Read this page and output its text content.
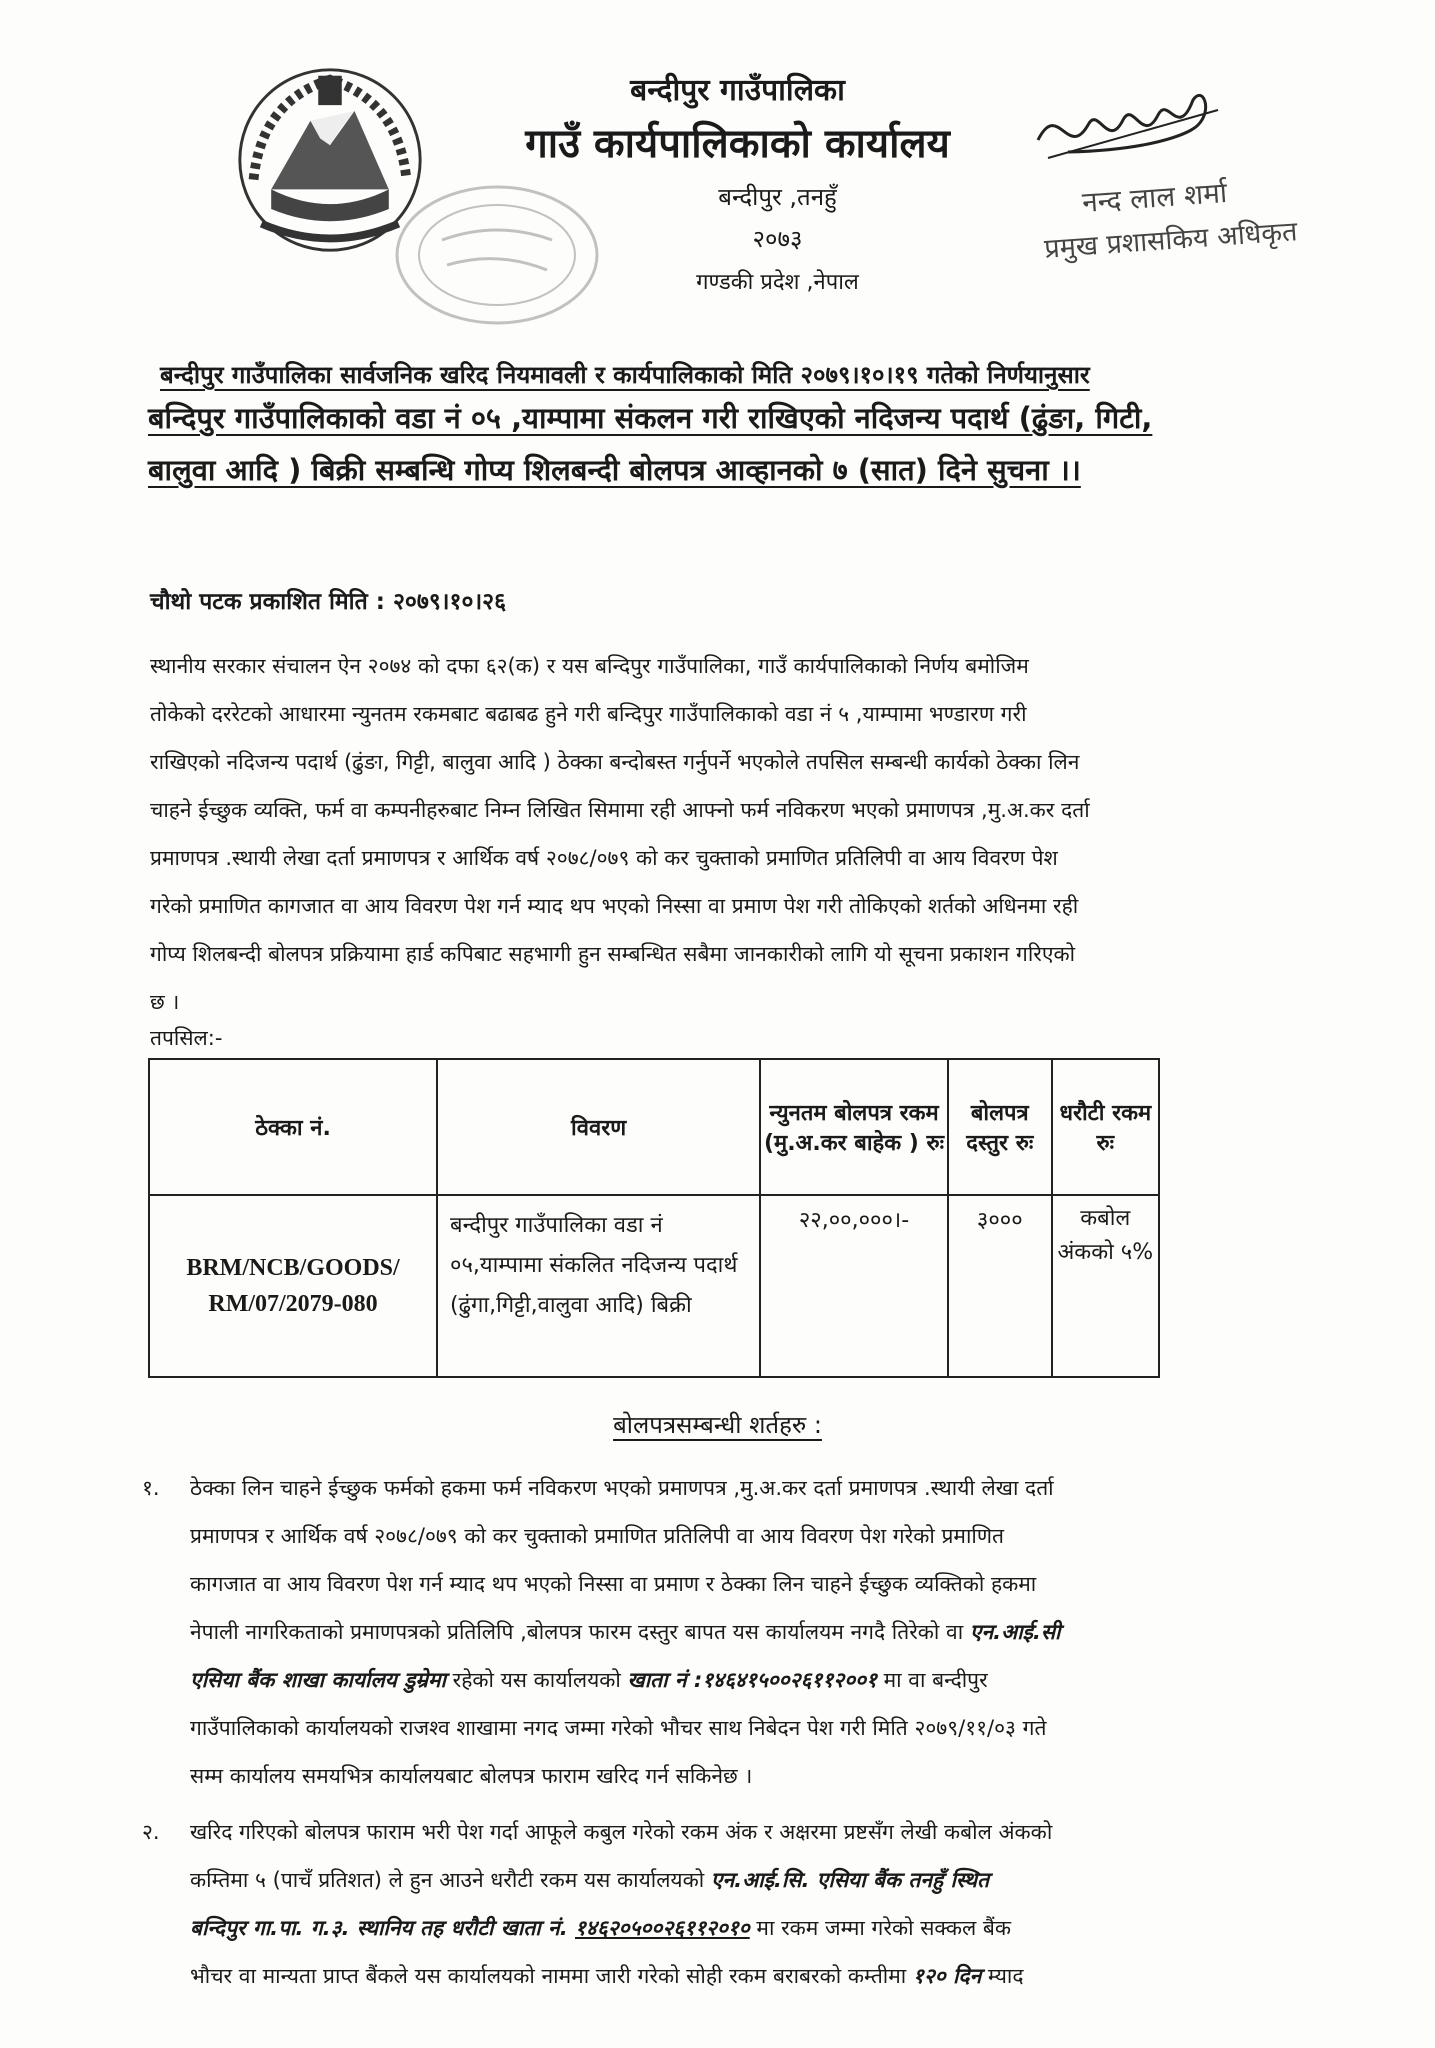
बन्दीपुर गाउँपालिका
गाउँ कार्यपालिकाको कार्यालय
बन्दीपुर ,तनहुँ
२०७३
गण्डकी प्रदेश ,नेपाल
नन्द लाल शर्मा
प्रमुख प्रशासकिय अधिकृत
बन्दीपुर गाउँपालिका सार्वजनिक खरिद नियमावली र कार्यपालिकाको मिति २०७९।१०।१९ गतेको निर्णयानुसार
बन्दिपुर गाउँपालिकाको वडा नं ०५ ,याम्पामा संकलन गरी राखिएको नदिजन्य पदार्थ (ढुंङा, गिटी,
बालुवा आदि ) बिक्री सम्बन्धि गोप्य शिलबन्दी बोलपत्र आव्हानको ७ (सात) दिने सुचना ।।
चौथो पटक प्रकाशित मिति : २०७९।१०।२६
स्थानीय सरकार संचालन ऐन २०७४ को दफा ६२(क) र यस बन्दिपुर गाउँपालिका, गाउँ कार्यपालिकाको निर्णय बमोजिम
तोकेको दररेटको आधारमा न्युनतम रकमबाट बढाबढ हुने गरी बन्दिपुर गाउँपालिकाको वडा नं ५ ,याम्पामा भण्डारण गरी
राखिएको नदिजन्य पदार्थ (ढुंङा, गिट्टी, बालुवा आदि ) ठेक्का बन्दोबस्त गर्नुपर्ने भएकोले तपसिल सम्बन्धी कार्यको ठेक्का लिन
चाहने ईच्छुक व्यक्ति, फर्म वा कम्पनीहरुबाट निम्न लिखित सिमामा रही आफ्नो फर्म नविकरण भएको प्रमाणपत्र ,मु.अ.कर दर्ता
प्रमाणपत्र .स्थायी लेखा दर्ता प्रमाणपत्र र आर्थिक वर्ष २०७८/०७९ को कर चुक्ताको प्रमाणित प्रतिलिपी वा आय विवरण पेश
गरेको प्रमाणित कागजात वा आय विवरण पेश गर्न म्याद थप भएको निस्सा वा प्रमाण पेश गरी तोकिएको शर्तको अधिनमा रही
गोप्य शिलबन्दी बोलपत्र प्रक्रियामा हार्ड कपिबाट सहभागी हुन सम्बन्धित सबैमा जानकारीको लागि यो सूचना प्रकाशन गरिएको
छ ।
तपसिल:-
ठेक्का नं.	विवरण	न्युनतम बोलपत्र रकम (मु.अ.कर बाहेक ) रुः	बोलपत्र दस्तुर रुः	धरौटी रकम रुः
BRM/NCB/GOODS/ RM/07/2079-080	बन्दीपुर गाउँपालिका वडा नं ०५,याम्पामा संकलित नदिजन्य पदार्थ (ढुंगा,गिट्टी,वालुवा आदि) बिक्री	२२,००,०००।-	३०००	कबोल अंकको ५%
बोलपत्रसम्बन्धी शर्तहरु :
१. ठेक्का लिन चाहने ईच्छुक फर्मको हकमा फर्म नविकरण भएको प्रमाणपत्र ,मु.अ.कर दर्ता प्रमाणपत्र .स्थायी लेखा दर्ता
प्रमाणपत्र र आर्थिक वर्ष २०७८/०७९ को कर चुक्ताको प्रमाणित प्रतिलिपी वा आय विवरण पेश गरेको प्रमाणित
कागजात वा आय विवरण पेश गर्न म्याद थप भएको निस्सा वा प्रमाण र ठेक्का लिन चाहने ईच्छुक व्यक्तिको हकमा
नेपाली नागरिकताको प्रमाणपत्रको प्रतिलिपि ,बोलपत्र फारम दस्तुर बापत यस कार्यालयम नगदै तिरेको वा एन.आई.सी
एसिया बैंक शाखा कार्यालय डुम्रेमा रहेको यस कार्यालयको खाता नं :१४६४१५००२६११२००१ मा वा बन्दीपुर
गाउँपालिकाको कार्यालयको राजश्व शाखामा नगद जम्मा गरेको भौचर साथ निबेदन पेश गरी मिति २०७९/११/०३ गते
सम्म कार्यालय समयभित्र कार्यालयबाट बोलपत्र फाराम खरिद गर्न सकिनेछ ।
२. खरिद गरिएको बोलपत्र फाराम भरी पेश गर्दा आफूले कबुल गरेको रकम अंक र अक्षरमा प्रष्टसँग लेखी कबोल अंकको
कम्तिमा ५ (पाचँ प्रतिशत) ले हुन आउने धरौटी रकम यस कार्यालयको एन.आई.सि. एसिया बैंक तनहुँ स्थित
बन्दिपुर गा.पा. ग.३. स्थानिय तह धरौटी खाता नं. १४६२०५००२६११२०१० मा रकम जम्मा गरेको सक्कल बैंक
भौचर वा मान्यता प्राप्त बैंकले यस कार्यालयको नाममा जारी गरेको सोही रकम बराबरको कम्तीमा १२० दिन म्याद
